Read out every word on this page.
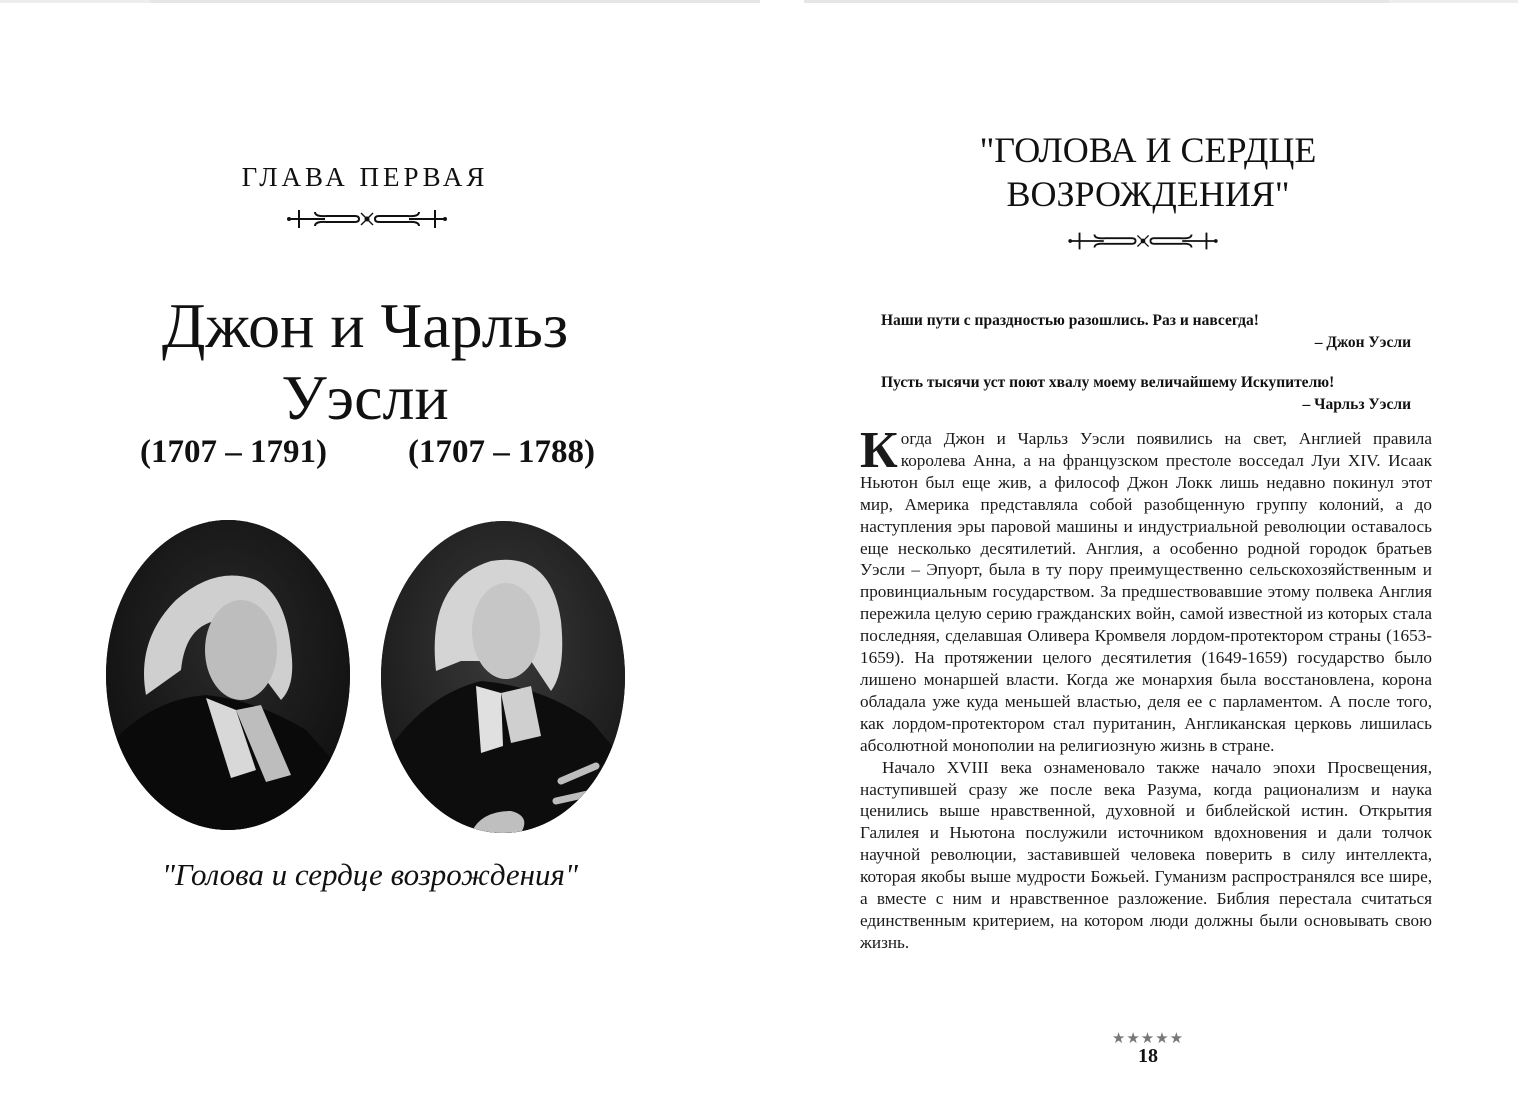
ГЛАВА ПЕРВАЯ
Джон и Чарльз
Уэсли
(1707 – 1791) (1707 – 1788)
"Голова и сердце возрождения"
"ГОЛОВА И СЕРДЦЕ
ВОЗРОЖДЕНИЯ"
Наши пути с праздностью разошлись. Раз и навсегда!
– Джон Уэсли
Пусть тысячи уст поют хвалу моему величайшему Искупителю!
– Чарльз Уэсли

Когда Джон и Чарльз Уэсли появились на свет, Англией правила королева Анна, а на французском престоле восседал Луи XIV. Исаак Ньютон был еще жив, а философ Джон Локк лишь недавно покинул этот мир, Америка представляла собой разобщенную группу колоний, а до наступления эры паровой машины и индустриальной революции оставалось еще несколько десятилетий. Англия, а особенно родной городок братьев Уэсли – Эпуорт, была в ту пору преимущественно сельскохозяйственным и провинциальным государством. За предшествовавшие этому полвека Англия пережила целую серию гражданских войн, самой известной из которых стала последняя, сделавшая Оливера Кромвеля лордом-протектором страны (1653-1659). На протяжении целого десятилетия (1649-1659) государство было лишено монаршей власти. Когда же монархия была восстановлена, корона обладала уже куда меньшей властью, деля ее с парламентом. А после того, как лордом-протектором стал пуританин, Англиканская церковь лишилась абсолютной монополии на религиозную жизнь в стране.

Начало XVIII века ознаменовало также начало эпохи Просвещения, наступившей сразу же после века Разума, когда рационализм и наука ценились выше нравственной, духовной и библейской истин. Открытия Галилея и Ньютона послужили источником вдохновения и дали толчок научной революции, заставившей человека поверить в силу интеллекта, которая якобы выше мудрости Божьей. Гуманизм распространялся все шире, а вместе с ним и нравственное разложение. Библия перестала считаться единственным критерием, на котором люди должны были основывать свою жизнь.

★★★★★
18
